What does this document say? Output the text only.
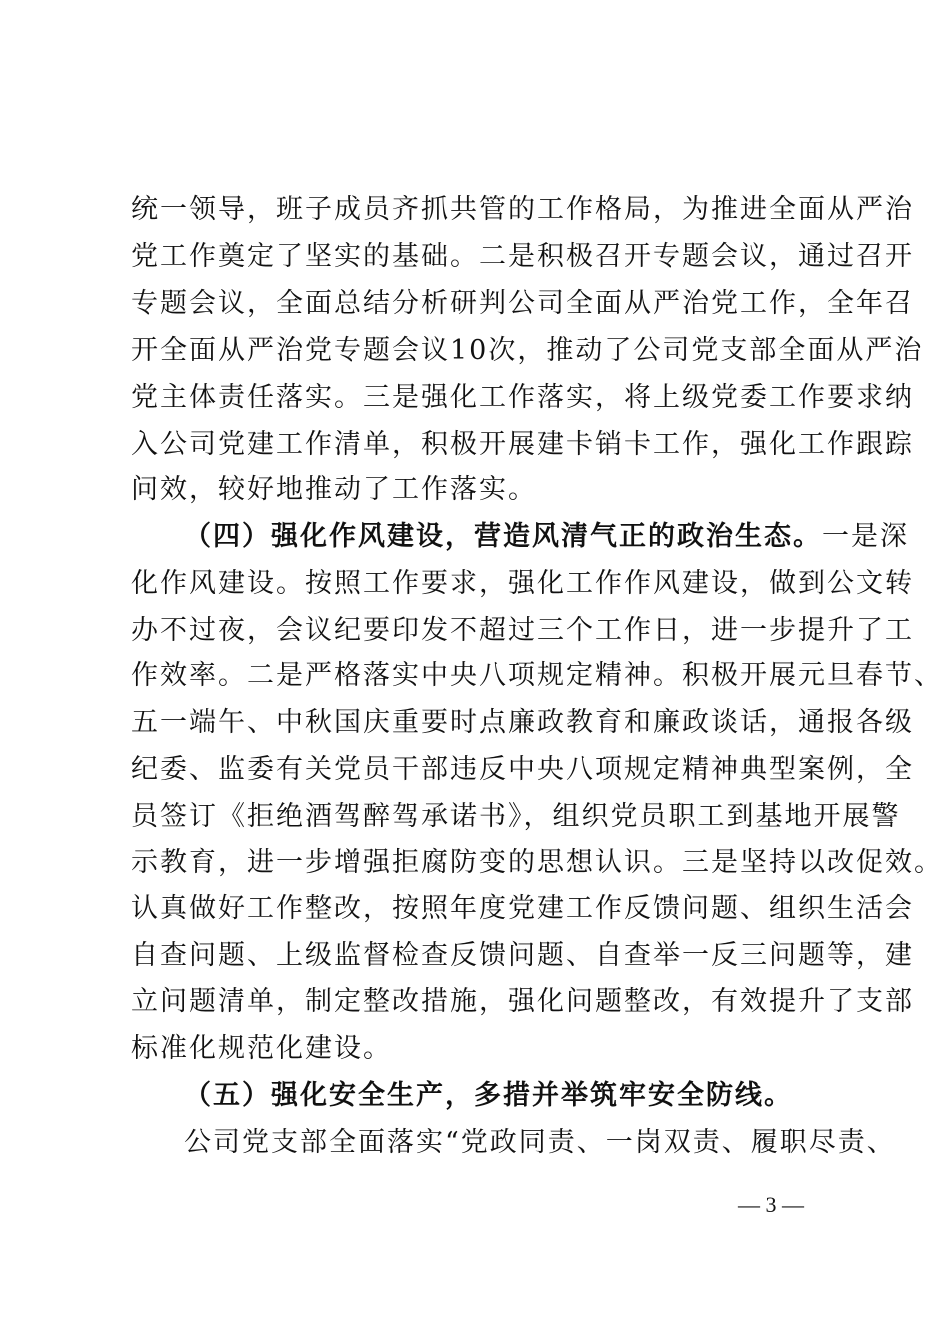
统一领导，班子成员齐抓共管的工作格局，为推进全面从严治
党工作奠定了坚实的基础。二是积极召开专题会议，通过召开
专题会议，全面总结分析研判公司全面从严治党工作，全年召
开全面从严治党专题会议10次，推动了公司党支部全面从严治
党主体责任落实。三是强化工作落实，将上级党委工作要求纳
入公司党建工作清单，积极开展建卡销卡工作，强化工作跟踪
问效，较好地推动了工作落实。
（四）强化作风建设，营造风清气正的政治生态。一是深
化作风建设。按照工作要求，强化工作作风建设，做到公文转
办不过夜，会议纪要印发不超过三个工作日，进一步提升了工
作效率。二是严格落实中央八项规定精神。积极开展元旦春节、
五一端午、中秋国庆重要时点廉政教育和廉政谈话，通报各级
纪委、监委有关党员干部违反中央八项规定精神典型案例，全
员签订《拒绝酒驾醉驾承诺书》，组织党员职工到基地开展警
示教育，进一步增强拒腐防变的思想认识。三是坚持以改促效。
认真做好工作整改，按照年度党建工作反馈问题、组织生活会
自查问题、上级监督检查反馈问题、自查举一反三问题等，建
立问题清单，制定整改措施，强化问题整改，有效提升了支部
标准化规范化建设。
（五）强化安全生产，多措并举筑牢安全防线。
公司党支部全面落实“党政同责、一岗双责、履职尽责、
— 3 —
